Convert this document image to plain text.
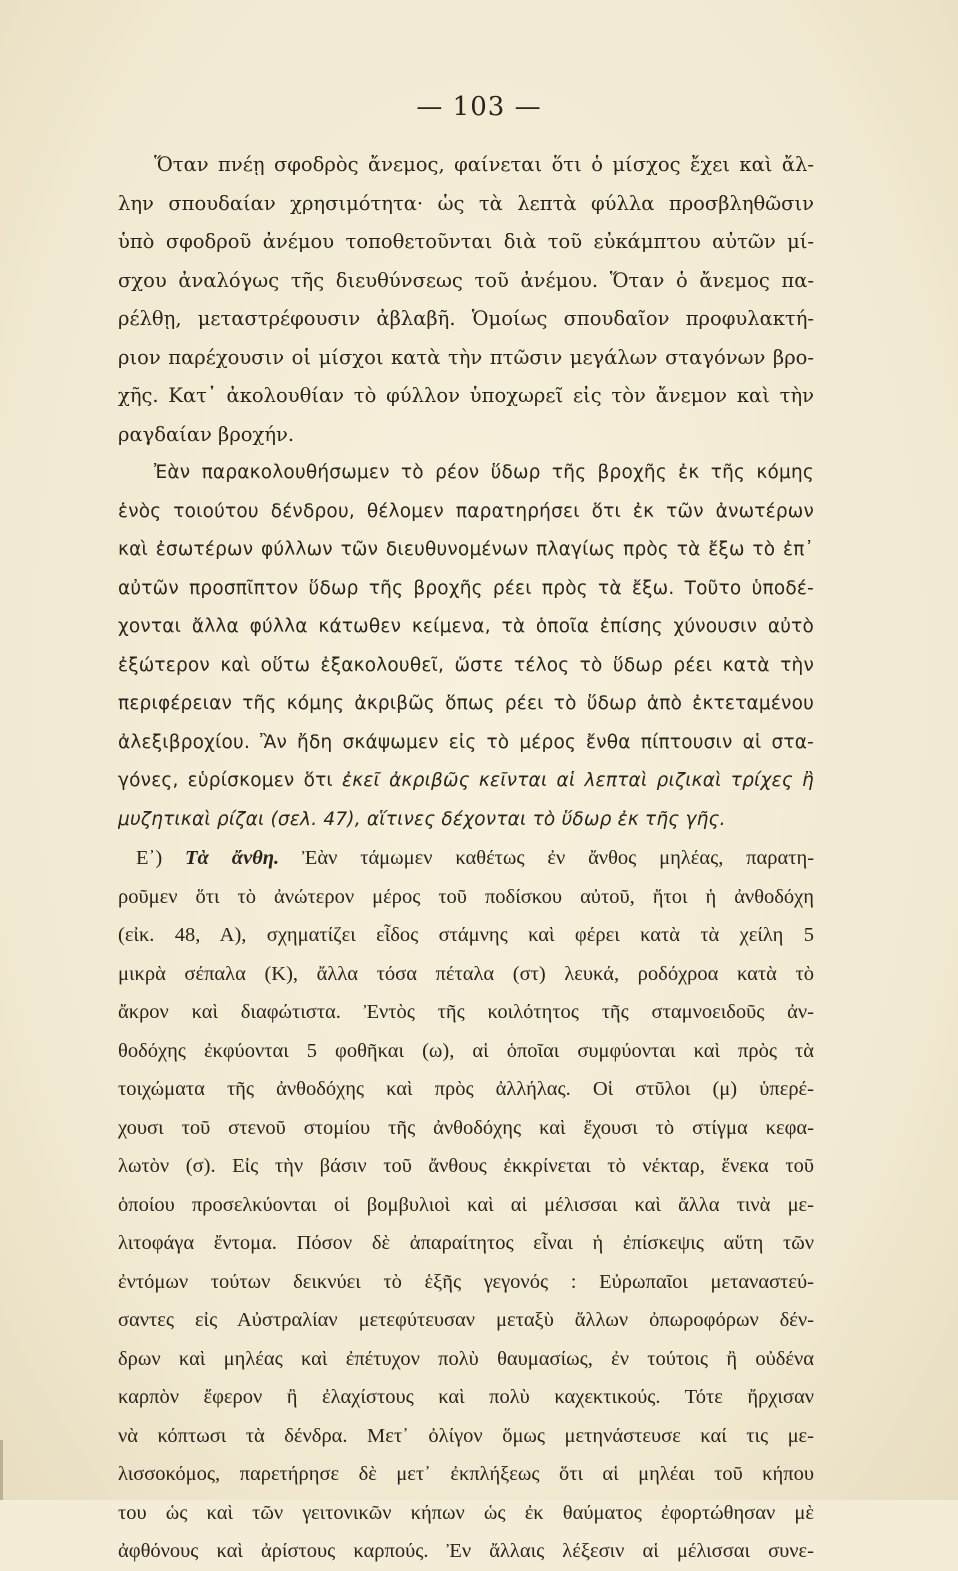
— 103 —
Ὅταν πνέῃ σφοδρὸς ἄνεμος, φαίνεται ὅτι ὁ μίσχος ἔχει καὶ ἄλ-
λην σπουδαίαν χρησιμότητα· ὡς τὰ λεπτὰ φύλλα προσβληθῶσιν
ὑπὸ σφοδροῦ ἀνέμου τοποθετοῦνται διὰ τοῦ εὐκάμπτου αὐτῶν μί-
σχου ἀναλόγως τῆς διευθύνσεως τοῦ ἀνέμου. Ὅταν ὁ ἄνεμος πα-
ρέλθῃ, μεταστρέφουσιν ἀβλαβῆ. Ὁμοίως σπουδαῖον προφυλακτή-
ριον παρέχουσιν οἱ μίσχοι κατὰ τὴν πτῶσιν μεγάλων σταγόνων βρο-
χῆς. Κατ᾽ ἀκολουθίαν τὸ φύλλον ὑποχωρεῖ εἰς τὸν ἄνεμον καὶ τὴν
ραγδαίαν βροχήν.
Ἐὰν παρακολουθήσωμεν τὸ ρέον ὕδωρ τῆς βροχῆς ἐκ τῆς κόμης
ἑνὸς τοιούτου δένδρου, θέλομεν παρατηρήσει ὅτι ἐκ τῶν ἀνωτέρων
καὶ ἐσωτέρων φύλλων τῶν διευθυνομένων πλαγίως πρὸς τὰ ἔξω τὸ ἐπ᾽
αὐτῶν προσπῖπτον ὕδωρ τῆς βροχῆς ρέει πρὸς τὰ ἔξω. Τοῦτο ὑποδέ-
χονται ἄλλα φύλλα κάτωθεν κείμενα, τὰ ὁποῖα ἐπίσης χύνουσιν αὐτὸ
ἐξώτερον καὶ οὕτω ἐξακολουθεῖ, ὥστε τέλος τὸ ὕδωρ ρέει κατὰ τὴν
περιφέρειαν τῆς κόμης ἀκριβῶς ὅπως ρέει τὸ ὕδωρ ἀπὸ ἐκτεταμένου
ἀλεξιβροχίου. Ἂν ἤδη σκάψωμεν εἰς τὸ μέρος ἔνθα πίπτουσιν αἱ στα-
γόνες, εὑρίσκομεν ὅτι ἐκεῖ ἀκριβῶς κεῖνται αἱ λεπταὶ ριζικαὶ τρίχες ἢ
μυζητικαὶ ρίζαι (σελ. 47), αἵτινες δέχονται τὸ ὕδωρ ἐκ τῆς γῆς.
Ε᾽) Τὰ ἄνθη. Ἐὰν τάμωμεν καθέτως ἐν ἄνθος μηλέας, παρατη-
ροῦμεν ὅτι τὸ ἀνώτερον μέρος τοῦ ποδίσκου αὐτοῦ, ἤτοι ἡ ἀνθοδόχη
(εἰκ. 48, Α), σχηματίζει εἶδος στάμνης καὶ φέρει κατὰ τὰ χείλη 5
μικρὰ σέπαλα (Κ), ἄλλα τόσα πέταλα (στ) λευκά, ροδόχροα κατὰ τὸ
ἄκρον καὶ διαφώτιστα. Ἐντὸς τῆς κοιλότητος τῆς σταμνοειδοῦς ἀν-
θοδόχης ἐκφύονται 5 φοθῆκαι (ω), αἱ ὁποῖαι συμφύονται καὶ πρὸς τὰ
τοιχώματα τῆς ἀνθοδόχης καὶ πρὸς ἀλλήλας. Οἱ στῦλοι (μ) ὑπερέ-
χουσι τοῦ στενοῦ στομίου τῆς ἀνθοδόχης καὶ ἔχουσι τὸ στίγμα κεφα-
λωτὸν (σ). Εἰς τὴν βάσιν τοῦ ἄνθους ἐκκρίνεται τὸ νέκταρ, ἕνεκα τοῦ
ὁποίου προσελκύονται οἱ βομβυλιοὶ καὶ αἱ μέλισσαι καὶ ἄλλα τινὰ με-
λιτοφάγα ἔντομα. Πόσον δὲ ἀπαραίτητος εἶναι ἡ ἐπίσκεψις αὕτη τῶν
ἐντόμων τούτων δεικνύει τὸ ἑξῆς γεγονός : Εὐρωπαῖοι μεταναστεύ-
σαντες εἰς Αὐστραλίαν μετεφύτευσαν μεταξὺ ἄλλων ὀπωροφόρων δέν-
δρων καὶ μηλέας καὶ ἐπέτυχον πολὺ θαυμασίως, ἐν τούτοις ἢ οὐδένα
καρπὸν ἔφερον ἢ ἐλαχίστους καὶ πολὺ καχεκτικούς. Τότε ἤρχισαν
νὰ κόπτωσι τὰ δένδρα. Μετ᾽ ὀλίγον ὅμως μετηνάστευσε καί τις με-
λισσοκόμος, παρετήρησε δὲ μετ᾽ ἐκπλήξεως ὅτι αἱ μηλέαι τοῦ κήπου
του ὡς καὶ τῶν γειτονικῶν κήπων ὡς ἐκ θαύματος ἐφορτώθησαν μὲ
ἀφθόνους καὶ ἀρίστους καρπούς. Ἐν ἄλλαις λέξεσιν αἱ μέλισσαι συνε-
